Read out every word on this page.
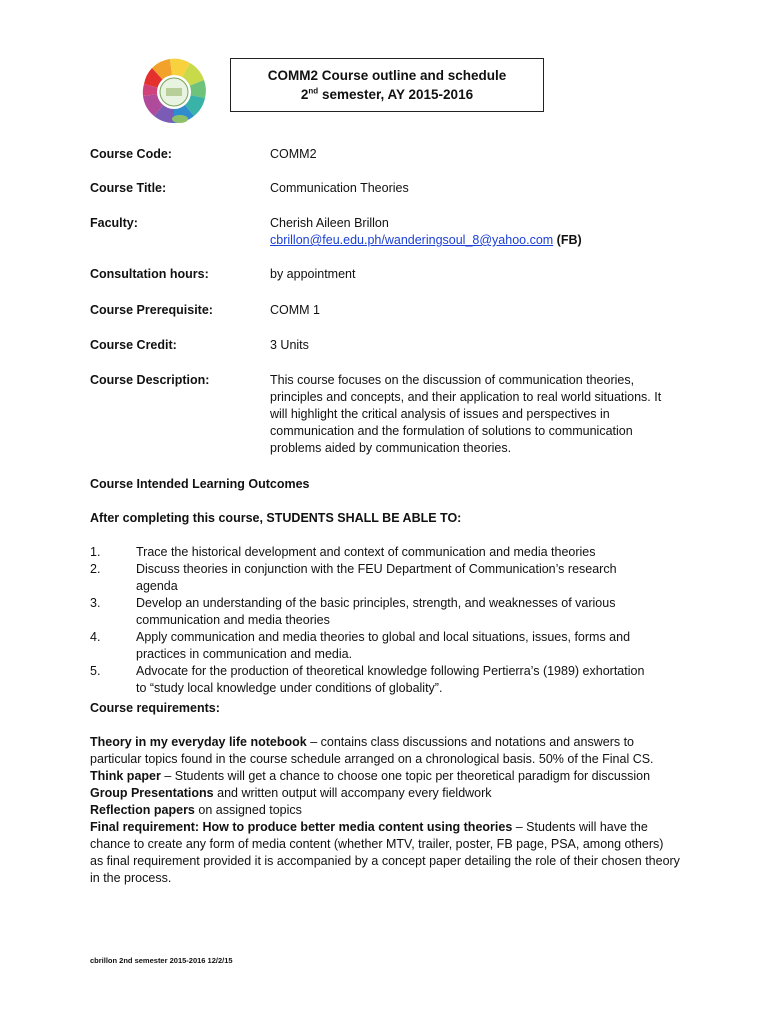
COMM2 Course outline and schedule
2nd semester, AY 2015-2016
Course Code:	COMM2
Course Title:	Communication Theories
Faculty:	Cherish Aileen Brillon
cbrillon@feu.edu.ph/wanderingsoul_8@yahoo.com (FB)
Consultation hours:	by appointment
Course Prerequisite:	COMM 1
Course Credit:	3 Units
Course Description:	This course focuses on the discussion of communication theories, principles and concepts, and their application to real world situations. It will highlight the critical analysis of issues and perspectives in communication and the formulation of solutions to communication problems aided by communication theories.
Course Intended Learning Outcomes
After completing this course, STUDENTS SHALL BE ABLE TO:
1.	Trace the historical development and context of communication and media theories
2.	Discuss theories in conjunction with the FEU Department of Communication’s research agenda
3.	Develop an understanding of the basic principles, strength, and weaknesses of various communication and media theories
4.	Apply communication and media theories to global and local situations, issues, forms and practices in communication and media.
5.	Advocate for the production of theoretical knowledge following Pertierra’s (1989) exhortation to “study local knowledge under conditions of globality”.
Course requirements:

Theory in my everyday life notebook – contains class discussions and notations and answers to particular topics found in the course schedule arranged on a chronological basis. 50% of the Final CS.

Think paper – Students will get a chance to choose one topic per theoretical paradigm for discussion

Group Presentations and written output will accompany every fieldwork

Reflection papers on assigned topics

Final requirement: How to produce better media content using theories – Students will have the chance to create any form of media content (whether MTV, trailer, poster, FB page, PSA, among others) as final requirement provided it is accompanied by a concept paper detailing the role of their chosen theory in the process.

cbrillon 2nd semester 2015-2016 12/2/15
